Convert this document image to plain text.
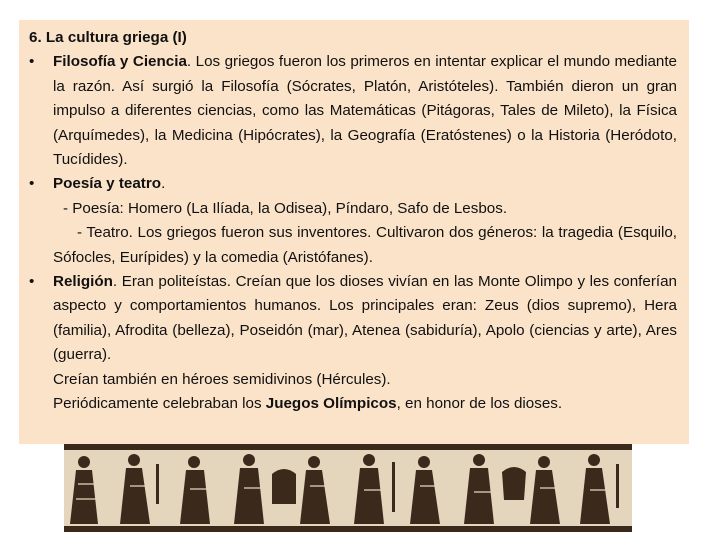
6. La cultura griega (I)

•	Filosofía y Ciencia. Los griegos fueron los primeros en intentar explicar el mundo mediante la razón. Así surgió la Filosofía (Sócrates, Platón, Aristóteles). También dieron un gran impulso a diferentes ciencias, como las Matemáticas (Pitágoras, Tales de Mileto), la Física (Arquímedes), la Medicina (Hipócrates), la Geografía (Eratóstenes) o la Historia (Heródoto, Tucídides).

•	Poesía y teatro.

- Poesía: Homero (La Ilíada, la Odisea), Píndaro, Safo de Lesbos.

- Teatro. Los griegos fueron sus inventores. Cultivaron dos géneros: la tragedia (Esquilo, Sófocles, Eurípides) y la comedia (Aristófanes).

•	Religión. Eran politeístas. Creían que los dioses vivían en las Monte Olimpo y les conferían aspecto y comportamientos humanos. Los principales eran: Zeus (dios supremo), Hera (familia), Afrodita (belleza), Poseidón (mar), Atenea (sabiduría), Apolo (ciencias y arte), Ares (guerra).

Creían también en héroes semidivinos (Hércules).

Periódicamente celebraban los Juegos Olímpicos, en honor de los dioses.
